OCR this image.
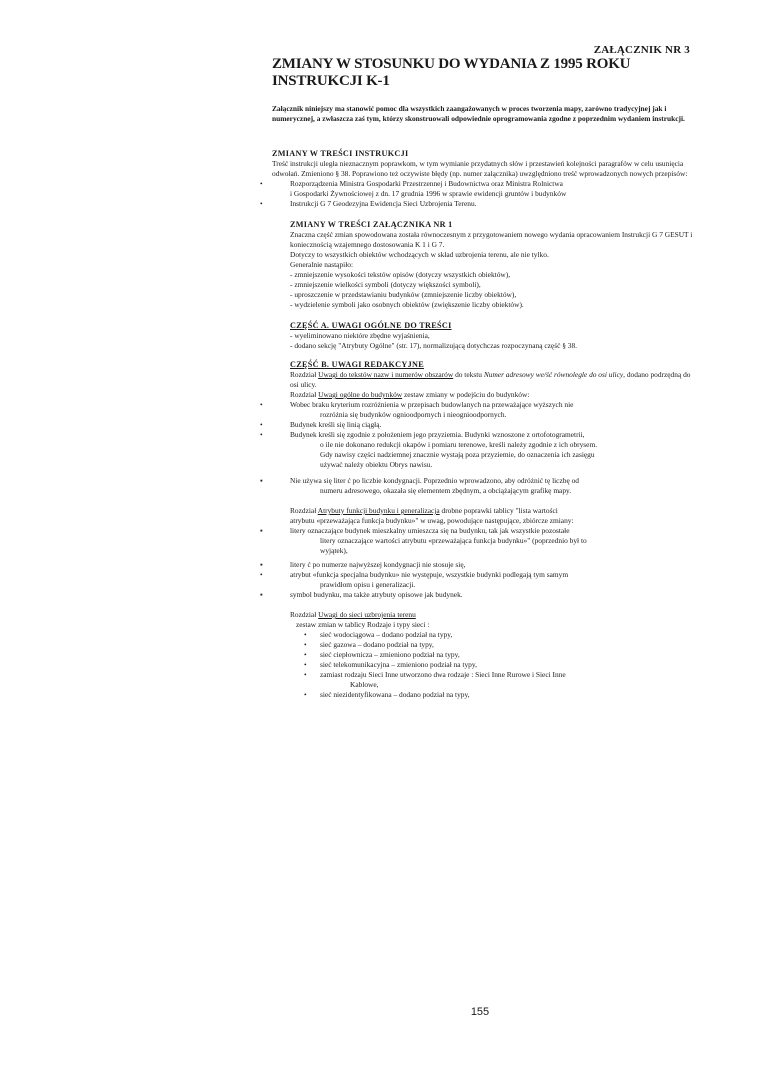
ZAŁĄCZNIK NR 3
ZMIANY W STOSUNKU DO WYDANIA Z 1995 ROKU
INSTRUKCJI K-1
Załącznik niniejszy ma stanowić pomoc dla wszystkich zaangażowanych w proces tworzenia mapy, zarówno tradycyjnej jak i numerycznej, a zwłaszcza zaś tym, którzy skonstruowali odpowiednie oprogramowania zgodne z poprzednim wydaniem instrukcji.
ZMIANY W TREŚCI INSTRUKCJI

Treść instrukcji uległa nieznacznym poprawkom, w tym wymianie przydatnych słów i przestawień kolejności paragrafów w celu usunięcia odwołań. Zmieniono § 38. Poprawiono też oczywiste błędy (np. numer załącznika) uwzględniono treść wprowadzonych nowych przepisów:

•	Rozporządzenia Ministra Gospodarki Przestrzennej i Budownictwa oraz Ministra Rolnictwa
i Gospodarki Żywnościowej z dn. 17 grudnia 1996 w sprawie ewidencji gruntów i budynków
•	Instrukcji G 7 Geodezyjna Ewidencja Sieci Uzbrojenia Terenu.
ZMIANY W TREŚCI ZAŁĄCZNIKA NR 1

Znaczna część zmian spowodowana została równoczesnym z przygotowaniem nowego wydania opracowaniem Instrukcji G 7 GESUT i koniecznością wzajemnego dostosowania K 1 i G 7.

Dotyczy to wszystkich obiektów wchodzących w skład uzbrojenia terenu, ale nie tylko.

Generalnie nastąpiło:

- zmniejszenie wysokości tekstów opisów (dotyczy wszystkich obiektów),

- zmniejszenie wielkości symboli (dotyczy większości symboli),

- uproszczenie w przedstawianiu budynków (zmniejszenie liczby obiektów),

- wydzielenie symboli jako osobnych obiektów (zwiększenie liczby obiektów).

CZĘŚĆ A. UWAGI OGÓLNE DO TREŚCI

- wyeliminowano niektóre zbędne wyjaśnienia,

- dodano sekcję "Atrybuty Ogólne" (str. 17), normalizującą dotychczas rozpoczynaną część § 38.

CZĘŚĆ B. UWAGI REDAKCYJNE

Rozdział Uwagi do tekstów nazw i numerów obszarów do tekstu Numer adresowy we/ść równolegle do osi ulicy, dodano podrzędną do osi ulicy.

Rozdział Uwagi ogólne do budynków zestaw zmiany w podejściu do budynków:

•	Wobec braku kryterium rozróżnienia w przepisach budowlanych na przeważające wyższych nie
rozróżnia się budynków ognioodpornych i nieognioodpornych.
•	Budynek kreśli się linią ciągłą.
•	Budynek kreśli się zgodnie z położeniem jego przyziemia. Budynki wznoszone z ortofotogrametrii,
o ile nie dokonano redukcji okapów i pomiaru terenowe, kreśli należy zgodnie z ich obrysem.
Gdy nawisy części nadziemnej znacznie wystają poza przyziemie, do oznaczenia ich zasięgu
używać należy obiektu Obrys nawisu.
▪	Nie używa się liter ć po liczbie kondygnacji. Poprzednio wprowadzono, aby odróżnić tę liczbę od
numeru adresowego, okazała się elementem zbędnym, a obciążającym grafikę mapy.

Rozdział Atrybuty funkcji budynku i generalizacja drobne poprawki tablicy "lista wartości

atrybutu «przeważająca funkcja budynku»" w uwag, powodujące następujące, zbiórcze zmiany:

▪	litery oznaczające budynek mieszkalny umieszcza się na budynku, tak jak wszystkie pozostałe
litery oznaczające wartości atrybutu «przeważająca funkcja budynku»" (poprzednio był to
wyjątek),
▪	litery ć po numerze najwyższej kondygnacji nie stosuje się,
•	atrybut «funkcja specjalna budynku» nie występuje, wszystkie budynki podlegają tym samym
prawidłom opisu i generalizacji.
▪	symbol budynku, ma także atrybuty opisowe jak budynek.

Rozdział Uwagi do sieci uzbrojenia terenu

zestaw zmian w tablicy Rodzaje i typy sieci :

• sieć wodociągowa – dodano podział na typy,
• sieć gazowa – dodano podział na typy,
• sieć ciepłownicza – zmieniono podział na typy,
• sieć telekomunikacyjna – zmieniono podział na typy,
• zamiast rodzaju Sieci Inne utworzono dwa rodzaje : Sieci Inne Rurowe i Sieci Inne
Kablowe,
• sieć niezidentyfikowana – dodano podział na typy,
155
